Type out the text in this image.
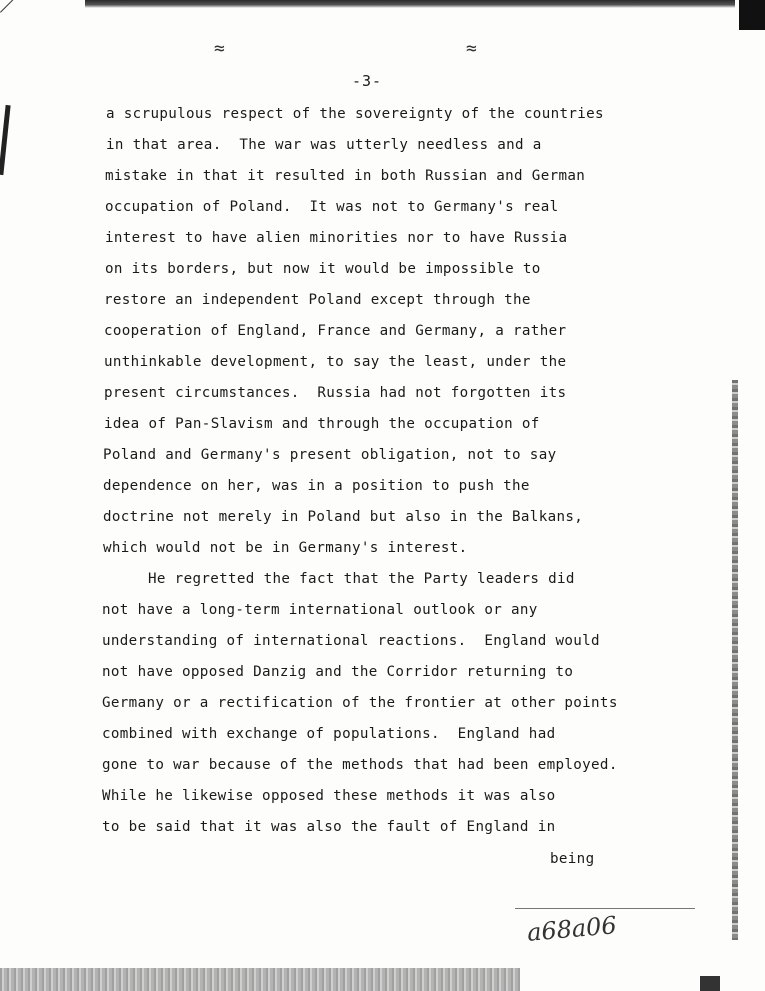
≈	≈
-3-
a scrupulous respect of the sovereignty of the countries
in that area.  The war was utterly needless and a
mistake in that it resulted in both Russian and German
occupation of Poland.  It was not to Germany's real
interest to have alien minorities nor to have Russia
on its borders, but now it would be impossible to
restore an independent Poland except through the
cooperation of England, France and Germany, a rather
unthinkable development, to say the least, under the
present circumstances.  Russia had not forgotten its
idea of Pan-Slavism and through the occupation of
Poland and Germany's present obligation, not to say
dependence on her, was in a position to push the
doctrine not merely in Poland but also in the Balkans,
which would not be in Germany's interest.
He regretted the fact that the Party leaders did
not have a long-term international outlook or any
understanding of international reactions.  England would
not have opposed Danzig and the Corridor returning to
Germany or a rectification of the frontier at other points
combined with exchange of populations.  England had
gone to war because of the methods that had been employed.
While he likewise opposed these methods it was also
to be said that it was also the fault of England in
being
a68a06
